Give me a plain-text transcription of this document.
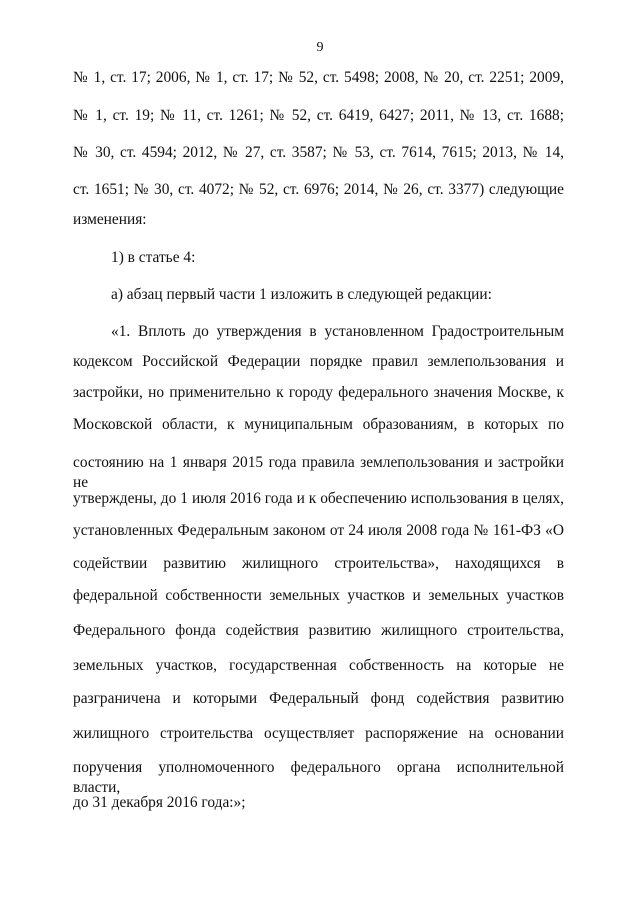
9
№ 1, ст. 17; 2006, № 1, ст. 17; № 52, ст. 5498; 2008, № 20, ст. 2251; 2009,
№ 1, ст. 19; № 11, ст. 1261; № 52, ст. 6419, 6427; 2011, № 13, ст. 1688;
№ 30, ст. 4594; 2012, № 27, ст. 3587; № 53, ст. 7614, 7615; 2013, № 14,
ст. 1651; № 30, ст. 4072; № 52, ст. 6976; 2014, № 26, ст. 3377) следующие
изменения:
1) в статье 4:
а) абзац первый части 1 изложить в следующей редакции:
«1. Вплоть до утверждения в установленном Градостроительным
кодексом Российской Федерации порядке правил землепользования и
застройки, но применительно к городу федерального значения Москве, к
Московской области, к муниципальным образованиям, в которых по
состоянию на 1 января 2015 года правила землепользования и застройки не
утверждены, до 1 июля 2016 года и к обеспечению использования в целях,
установленных Федеральным законом от 24 июля 2008 года № 161-ФЗ «О
содействии развитию жилищного строительства», находящихся в
федеральной собственности земельных участков и земельных участков
Федерального фонда содействия развитию жилищного строительства,
земельных участков, государственная собственность на которые не
разграничена и которыми Федеральный фонд содействия развитию
жилищного строительства осуществляет распоряжение на основании
поручения уполномоченного федерального органа исполнительной власти,
до 31 декабря 2016 года:»;
